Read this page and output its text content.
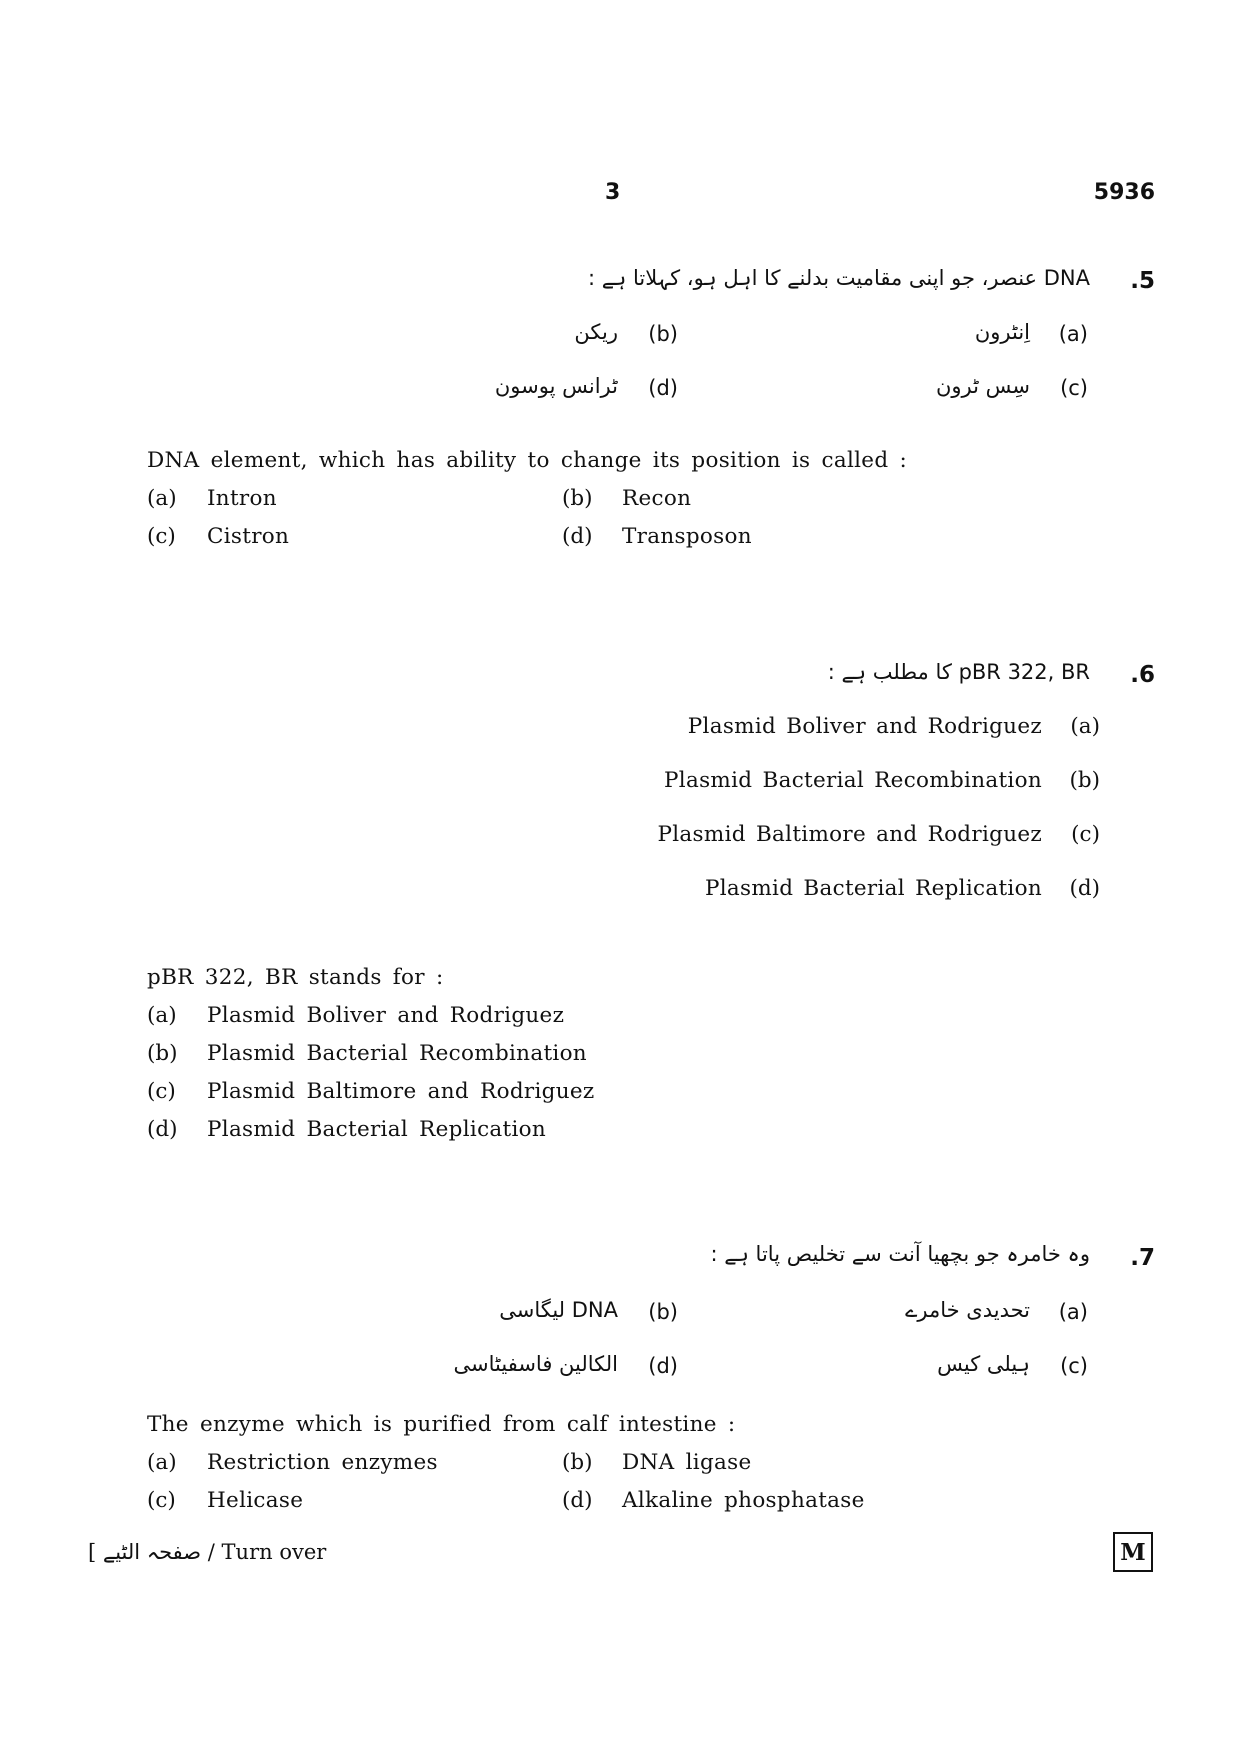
3	5936
.5
DNA عنصر، جو اپنی مقامیت بدلنے کا اہل ہو، کہلاتا ہے :
(a)
اِنٹرون
(b)
ریکن
(c)
سِس ٹرون
(d)
ٹرانس پوسون
DNA element, which has ability to change its position is called :
(a) Intron	(b) Recon
(c) Cistron	(d) Transposon
.6
pBR 322, BR کا مطلب ہے :
Plasmid Boliver and Rodriguez (a)
Plasmid Bacterial Recombination (b)
Plasmid Baltimore and Rodriguez (c)
Plasmid Bacterial Replication (d)
pBR 322, BR stands for :
(a) Plasmid Boliver and Rodriguez
(b) Plasmid Bacterial Recombination
(c) Plasmid Baltimore and Rodriguez
(d) Plasmid Bacterial Replication
.7
وہ خامرہ جو بچھیا آنت سے تخلیص پاتا ہے :
(a)
تحدیدی خامرے
(b)
DNA لیگاسی
(c)
ہیلی کیس
(d)
الکالین فاسفیٹاسی
The enzyme which is purified from calf intestine :
(a) Restriction enzymes	(b) DNA ligase
(c) Helicase	(d) Alkaline phosphatase
[ صفحہ الٹیے / Turn over	M
